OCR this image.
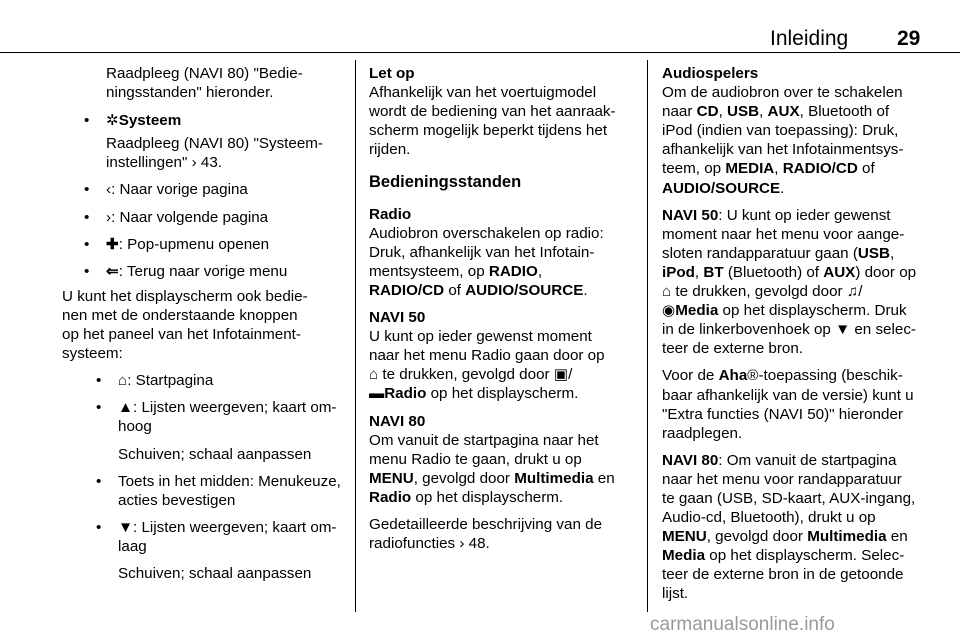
Inleiding 29
Raadpleeg (NAVI 80) "Bedie-
ningsstanden" hieronder.
•	✲Systeem
Raadpleeg (NAVI 80) "Systeem-
instellingen" › 43.
•	‹: Naar vorige pagina
•	›: Naar volgende pagina
•	✚: Pop-upmenu openen
•	⇐: Terug naar vorige menu
U kunt het displayscherm ook bedie-
nen met de onderstaande knoppen
op het paneel van het Infotainment-
systeem:
•	⌂: Startpagina
•	▲: Lijsten weergeven; kaart om-
hoog
Schuiven; schaal aanpassen
•	Toets in het midden: Menukeuze,
acties bevestigen
•	▼: Lijsten weergeven; kaart om-
laag
Schuiven; schaal aanpassen
Let op
Afhankelijk van het voertuigmodel
wordt de bediening van het aanraak-
scherm mogelijk beperkt tijdens het
rijden.
Bedieningsstanden
Radio
Audiobron overschakelen op radio:
Druk, afhankelijk van het Infotain-
mentsysteem, op RADIO,
RADIO/CD of AUDIO/SOURCE.
NAVI 50
U kunt op ieder gewenst moment
naar het menu Radio gaan door op
⌂ te drukken, gevolgd door ▣/
▬Radio op het displayscherm.
NAVI 80
Om vanuit de startpagina naar het
menu Radio te gaan, drukt u op
MENU, gevolgd door Multimedia en
Radio op het displayscherm.
Gedetailleerde beschrijving van de
radiofuncties › 48.
Audiospelers
Om de audiobron over te schakelen
naar CD, USB, AUX, Bluetooth of
iPod (indien van toepassing): Druk,
afhankelijk van het Infotainmentsys-
teem, op MEDIA, RADIO/CD of
AUDIO/SOURCE.
NAVI 50: U kunt op ieder gewenst
moment naar het menu voor aange-
sloten randapparatuur gaan (USB,
iPod, BT (Bluetooth) of AUX) door op
⌂ te drukken, gevolgd door ♫/
◉Media op het displayscherm. Druk
in de linkerbovenhoek op ▼ en selec-
teer de externe bron.
Voor de Aha®-toepassing (beschik-
baar afhankelijk van de versie) kunt u
"Extra functies (NAVI 50)" hieronder
raadplegen.
NAVI 80: Om vanuit de startpagina
naar het menu voor randapparatuur
te gaan (USB, SD-kaart, AUX-ingang,
Audio-cd, Bluetooth), drukt u op
MENU, gevolgd door Multimedia en
Media op het displayscherm. Selec-
teer de externe bron in de getoonde
lijst.
carmanualsonline.info
